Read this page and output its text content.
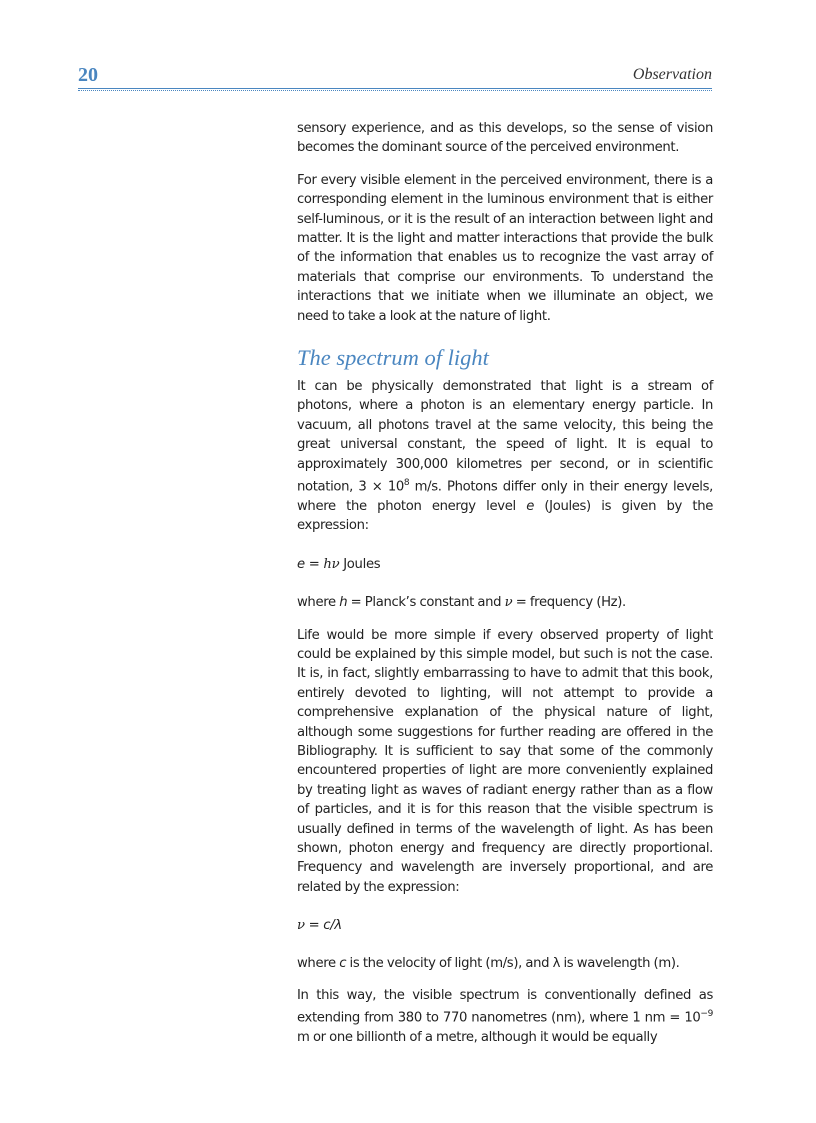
20	Observation

sensory experience, and as this develops, so the sense of vision becomes the dominant source of the perceived environment.

For every visible element in the perceived environment, there is a corresponding element in the luminous environment that is either self-luminous, or it is the result of an interaction between light and matter. It is the light and matter interactions that provide the bulk of the information that enables us to recognize the vast array of materials that comprise our environments. To understand the interactions that we initiate when we illuminate an object, we need to take a look at the nature of light.

The spectrum of light

It can be physically demonstrated that light is a stream of photons, where a photon is an elementary energy particle. In vacuum, all photons travel at the same velocity, this being the great universal constant, the speed of light. It is equal to approximately 300,000 kilometres per second, or in scientific notation, $3 \times 10^8$ m/s. Photons differ only in their energy levels, where the photon energy level e (Joules) is given by the expression:

e = hν Joules

where h = Planck’s constant and ν = frequency (Hz).

Life would be more simple if every observed property of light could be explained by this simple model, but such is not the case. It is, in fact, slightly embarrassing to have to admit that this book, entirely devoted to lighting, will not attempt to provide a comprehensive explanation of the physical nature of light, although some suggestions for further reading are offered in the Bibliography. It is sufficient to say that some of the commonly encountered properties of light are more conveniently explained by treating light as waves of radiant energy rather than as a flow of particles, and it is for this reason that the visible spectrum is usually defined in terms of the wavelength of light. As has been shown, photon energy and frequency are directly proportional. Frequency and wavelength are inversely proportional, and are related by the expression:

ν = c/λ

where c is the velocity of light (m/s), and λ is wavelength (m).

In this way, the visible spectrum is conventionally defined as extending from 380 to 770 nanometres (nm), where 1 nm = $10^{-9}$ m or one billionth of a metre, although it would be equally
